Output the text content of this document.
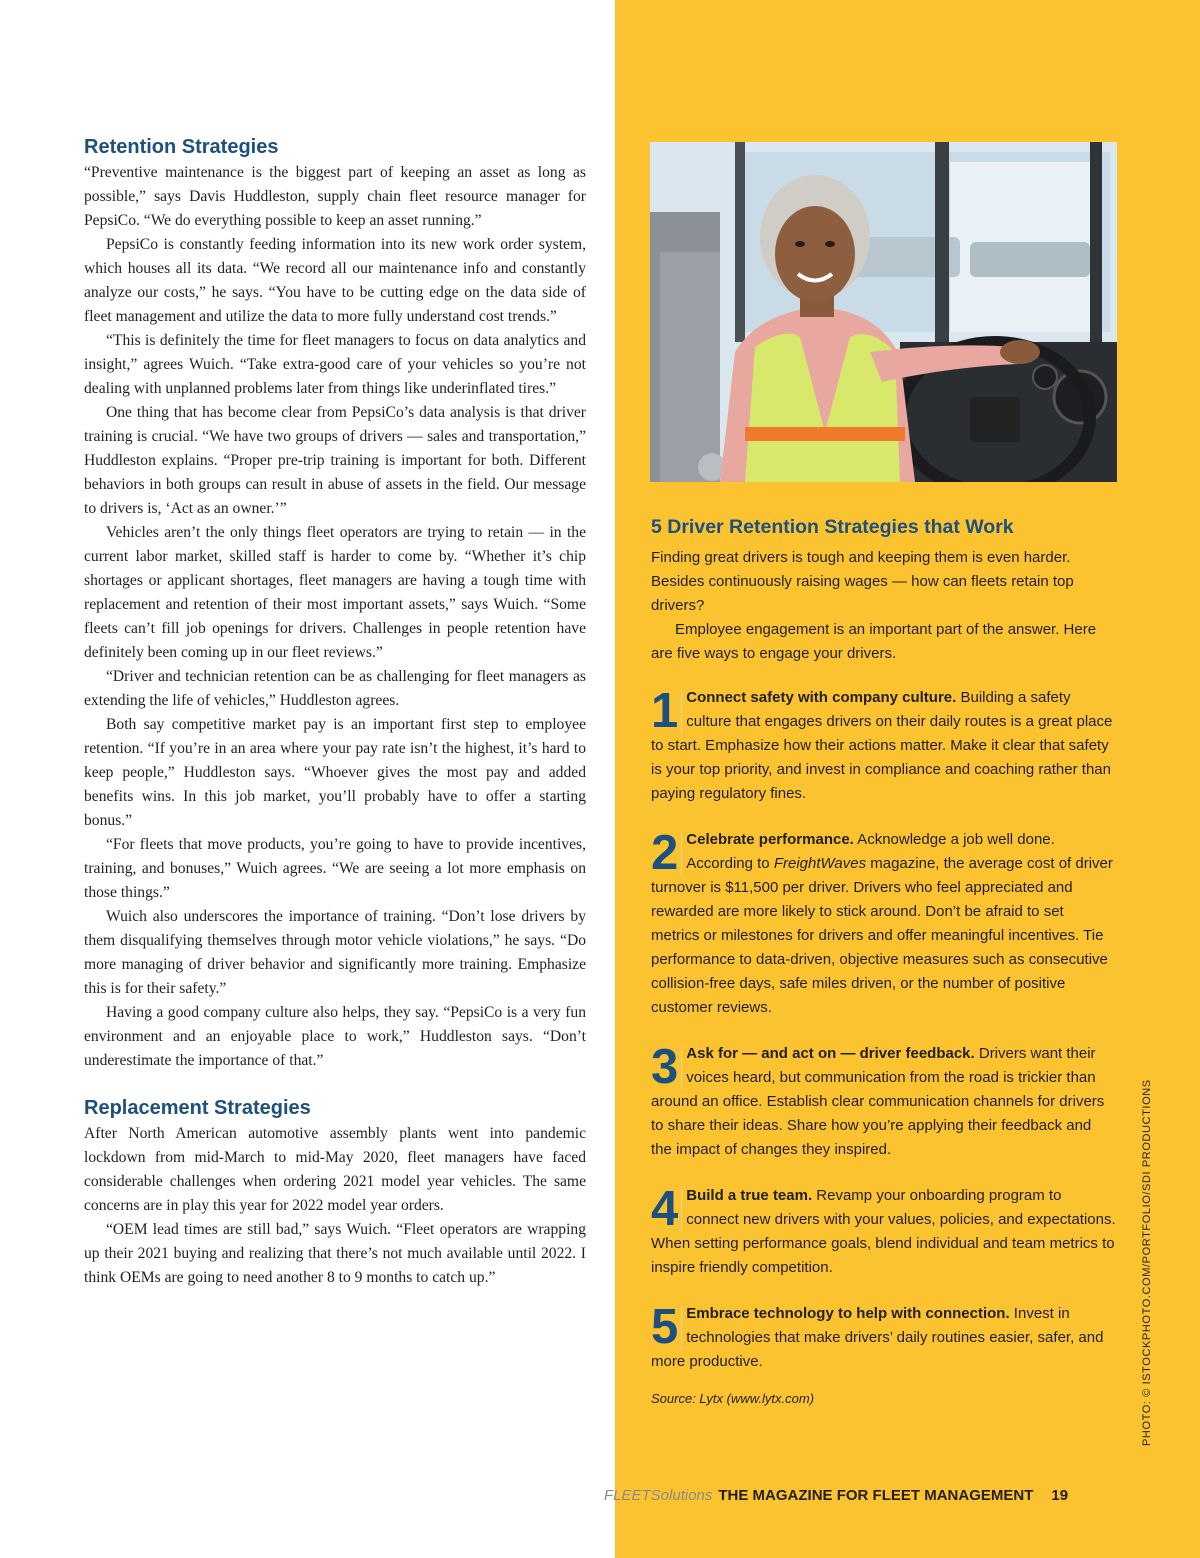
Retention Strategies

“Preventive maintenance is the biggest part of keeping an asset as long as possible,” says Davis Huddleston, supply chain fleet resource manager for PepsiCo. “We do everything possible to keep an asset running.”

PepsiCo is constantly feeding information into its new work order system, which houses all its data. “We record all our maintenance info and constantly analyze our costs,” he says. “You have to be cutting edge on the data side of fleet management and utilize the data to more fully understand cost trends.”

“This is definitely the time for fleet managers to focus on data analytics and insight,” agrees Wuich. “Take extra-good care of your vehicles so you’re not dealing with unplanned problems later from things like underinflated tires.”

One thing that has become clear from PepsiCo’s data analysis is that driver training is crucial. “We have two groups of drivers — sales and transportation,” Huddleston explains. “Proper pre-trip training is important for both. Different behaviors in both groups can result in abuse of assets in the field. Our message to drivers is, ‘Act as an owner.’”

Vehicles aren’t the only things fleet operators are trying to retain — in the current labor market, skilled staff is harder to come by. “Whether it’s chip shortages or applicant shortages, fleet managers are having a tough time with replacement and retention of their most important assets,” says Wuich. “Some fleets can’t fill job openings for drivers. Challenges in people retention have definitely been coming up in our fleet reviews.”

“Driver and technician retention can be as challenging for fleet managers as extending the life of vehicles,” Huddleston agrees.

Both say competitive market pay is an important first step to employee retention. “If you’re in an area where your pay rate isn’t the highest, it’s hard to keep people,” Huddleston says. “Whoever gives the most pay and added benefits wins. In this job market, you’ll probably have to offer a starting bonus.”

“For fleets that move products, you’re going to have to provide incentives, training, and bonuses,” Wuich agrees. “We are seeing a lot more emphasis on those things.”

Wuich also underscores the importance of training. “Don’t lose drivers by them disqualifying themselves through motor vehicle violations,” he says. “Do more managing of driver behavior and significantly more training. Emphasize this is for their safety.”

Having a good company culture also helps, they say. “PepsiCo is a very fun environment and an enjoyable place to work,” Huddleston says. “Don’t underestimate the importance of that.”

Replacement Strategies

After North American automotive assembly plants went into pandemic lockdown from mid-March to mid-May 2020, fleet managers have faced considerable challenges when ordering 2021 model year vehicles. The same concerns are in play this year for 2022 model year orders.

“OEM lead times are still bad,” says Wuich. “Fleet operators are wrapping up their 2021 buying and realizing that there’s not much available until 2022. I think OEMs are going to need another 8 to 9 months to catch up.”

5 Driver Retention Strategies that Work

Finding great drivers is tough and keeping them is even harder. Besides continuously raising wages — how can fleets retain top drivers?

Employee engagement is an important part of the answer. Here are five ways to engage your drivers.

1 Connect safety with company culture. Building a safety culture that engages drivers on their daily routes is a great place to start. Emphasize how their actions matter. Make it clear that safety is your top priority, and invest in compliance and coaching rather than paying regulatory fines.
2 Celebrate performance. Acknowledge a job well done. According to FreightWaves magazine, the average cost of driver turnover is $11,500 per driver. Drivers who feel appreciated and rewarded are more likely to stick around. Don’t be afraid to set metrics or milestones for drivers and offer meaningful incentives. Tie performance to data-driven, objective measures such as consecutive collision-free days, safe miles driven, or the number of positive customer reviews.
3 Ask for — and act on — driver feedback. Drivers want their voices heard, but communication from the road is trickier than around an office. Establish clear communication channels for drivers to share their ideas. Share how you’re applying their feedback and the impact of changes they inspired.
4 Build a true team. Revamp your onboarding program to connect new drivers with your values, policies, and expectations. When setting performance goals, blend individual and team metrics to inspire friendly competition.
5 Embrace technology to help with connection. Invest in technologies that make drivers’ daily routines easier, safer, and more productive.

Source: Lytx (www.lytx.com)	PHOTO: © ISTOCKPHOTO.COM/PORTFOLIO/SDI PRODUCTIONS
FLEETSolutions THE MAGAZINE FOR FLEET MANAGEMENT 19
